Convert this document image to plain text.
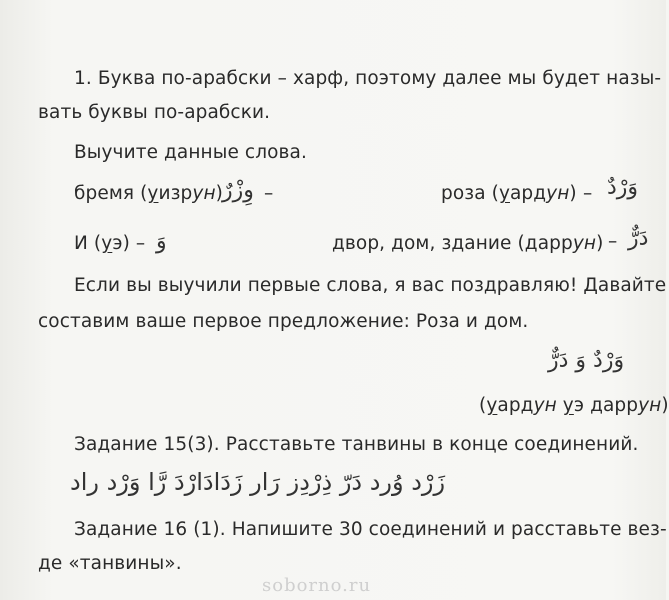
1. Буква по-арабски – харф, поэтому далее мы будет назы-
вать буквы по-арабски.
Выучите данные слова.
бремя (уизрун) وِزْرٌ –	роза (уардун) – وَرْدٌ
И (уэ) – وَ	двор, дом, здание (даррун) – دَرٌّ
Если вы выучили первые слова, я вас поздравляю! Давайте
составим ваше первое предложение: Роза и дом.
وَرْدٌ وَ دَرٌّ
(уардун уэ даррун)
Задание 15(3). Расставьте танвины в конце соединений.
زَرْد وُرد دَرّ ذِرْدِز رَار زَدَادَارْدَ رَّا وَرْد راد
Задание 16 (1). Напишите 30 соединений и расставьте вез-
де «танвины».
soborno.ru
